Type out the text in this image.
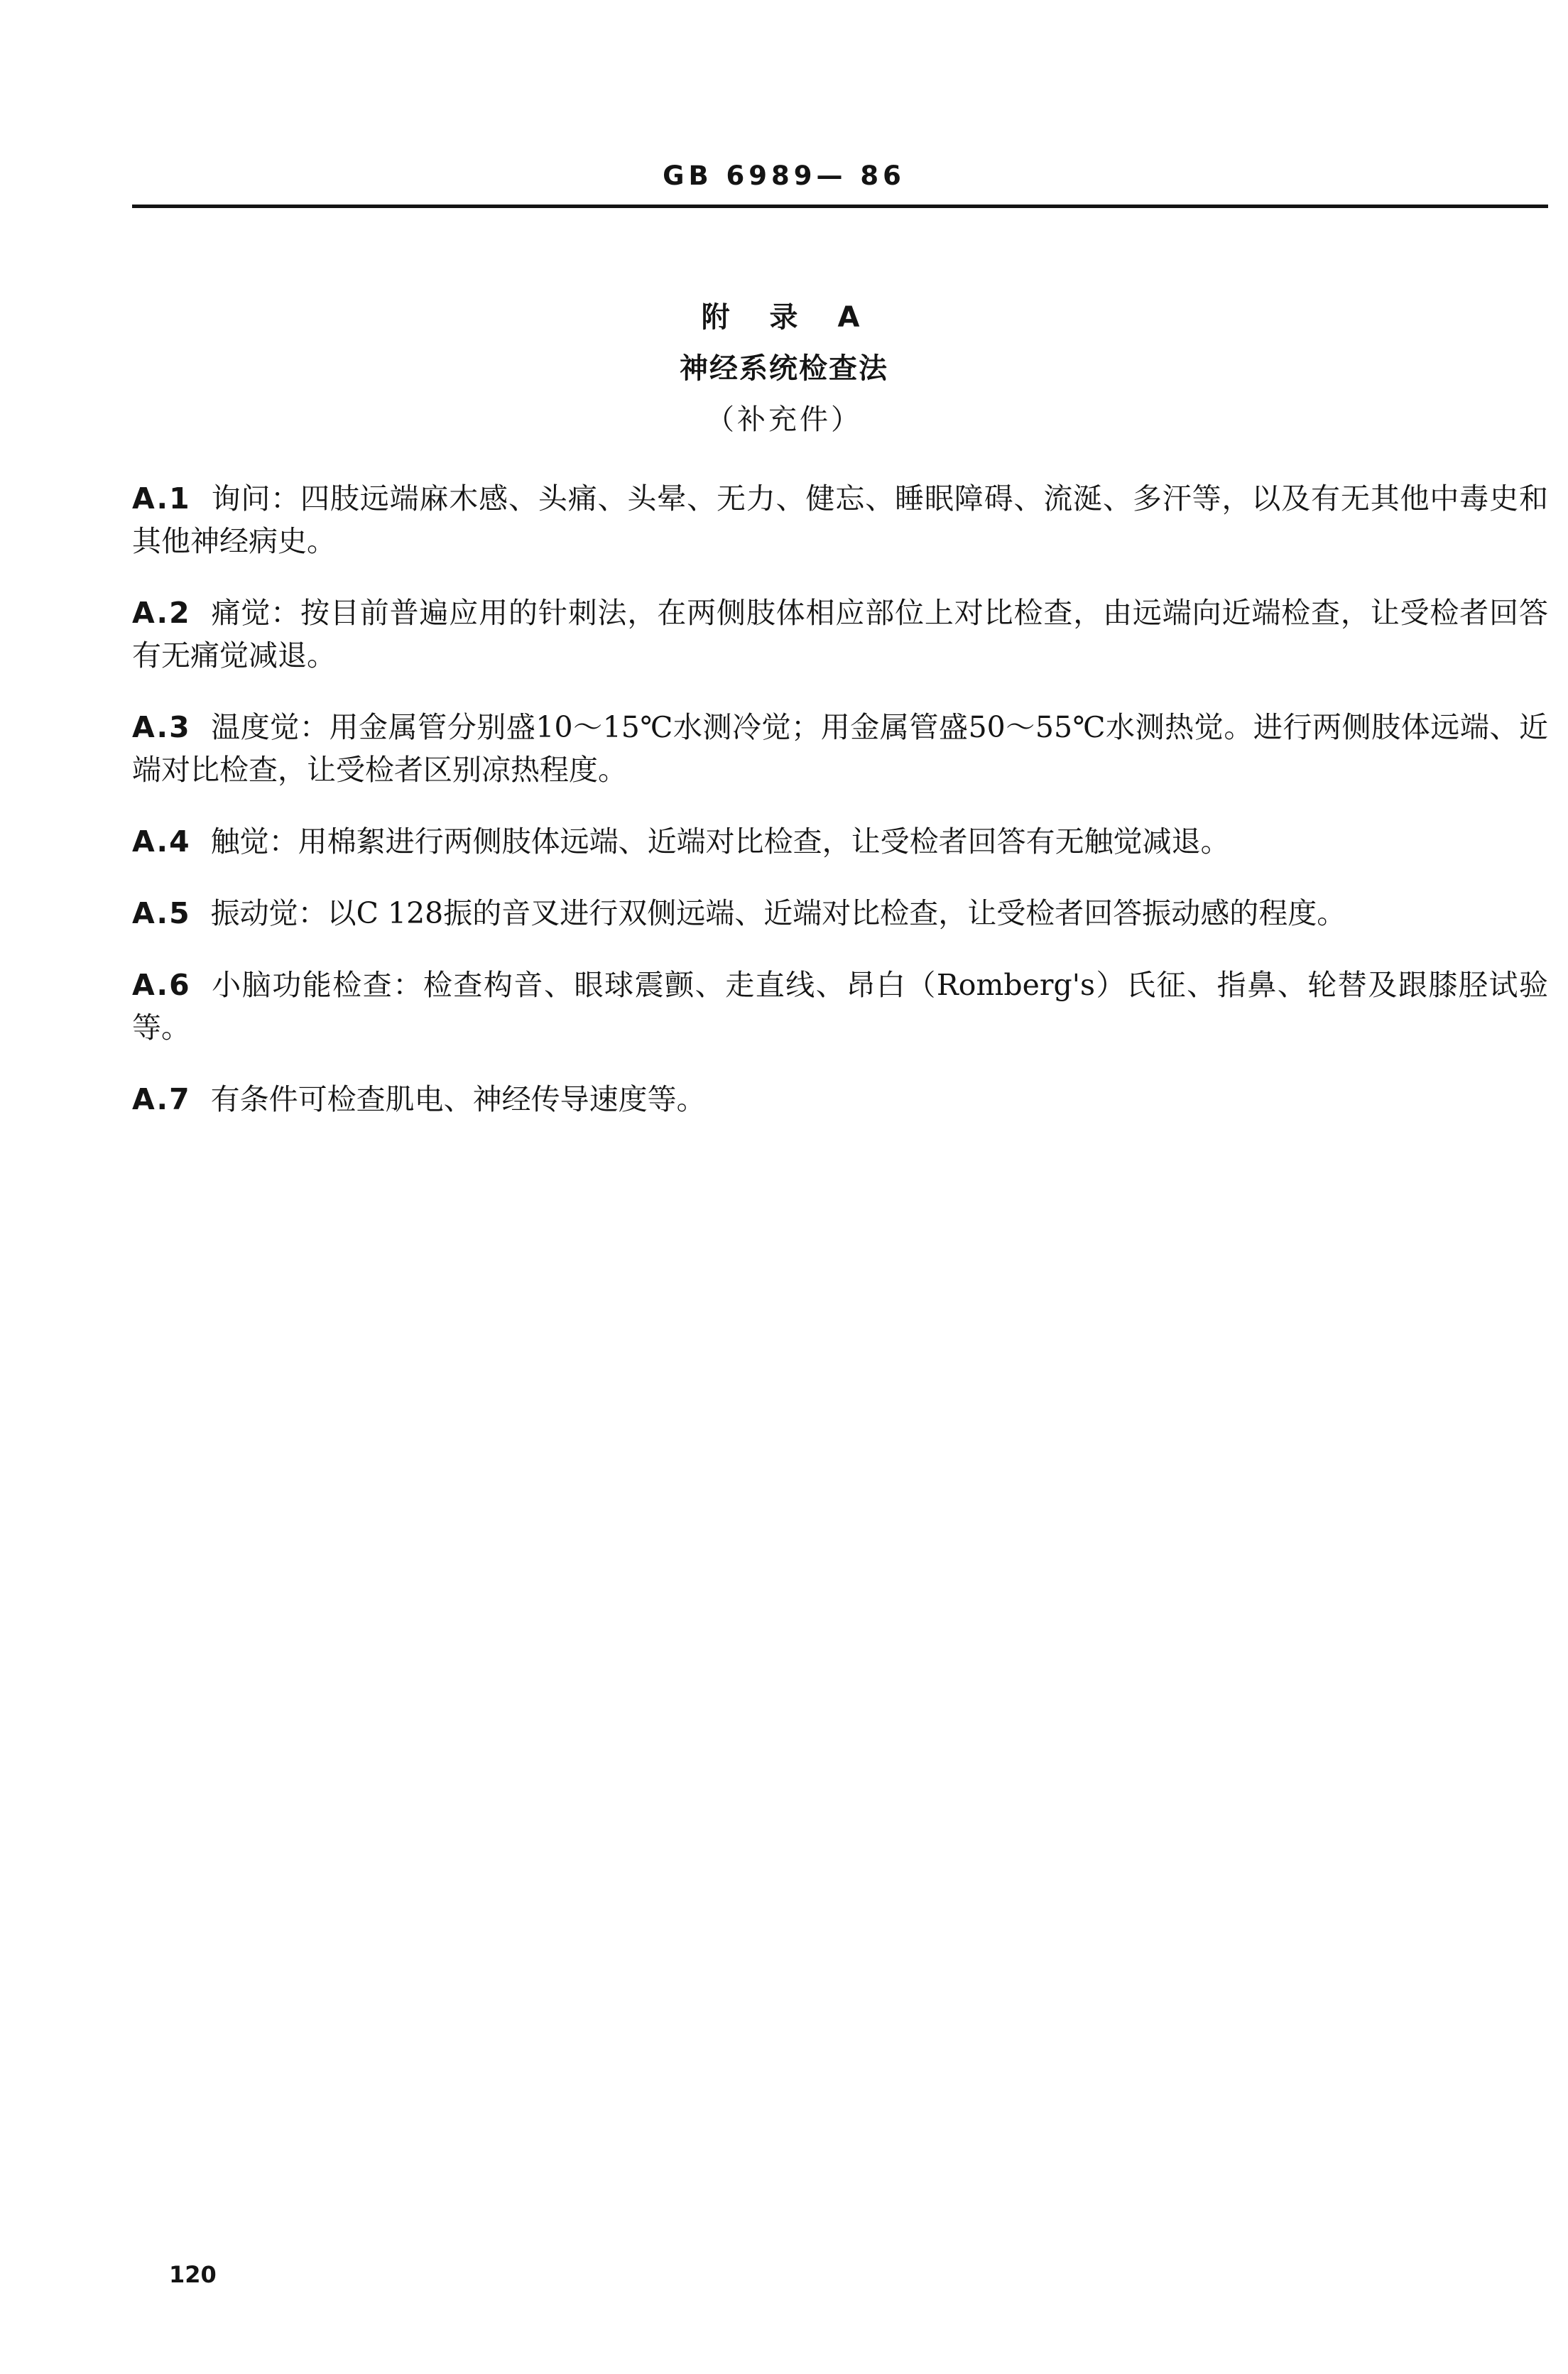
GB 6989— 86
附 录 A
神经系统检查法
（补充件）

A.1 询问：四肢远端麻木感、头痛、头晕、无力、健忘、睡眠障碍、流涎、多汗等，以及有无其他中毒史和其他神经病史。

A.2 痛觉：按目前普遍应用的针刺法，在两侧肢体相应部位上对比检查，由远端向近端检查，让受检者回答有无痛觉减退。

A.3 温度觉：用金属管分别盛10～15℃水测冷觉；用金属管盛50～55℃水测热觉。进行两侧肢体远端、近端对比检查，让受检者区别凉热程度。

A.4 触觉：用棉絮进行两侧肢体远端、近端对比检查，让受检者回答有无触觉减退。

A.5 振动觉：以C 128振的音叉进行双侧远端、近端对比检查，让受检者回答振动感的程度。

A.6 小脑功能检查：检查构音、眼球震颤、走直线、昂白（Romberg's）氏征、指鼻、轮替及跟膝胫试验等。

A.7 有条件可检查肌电、神经传导速度等。

120
